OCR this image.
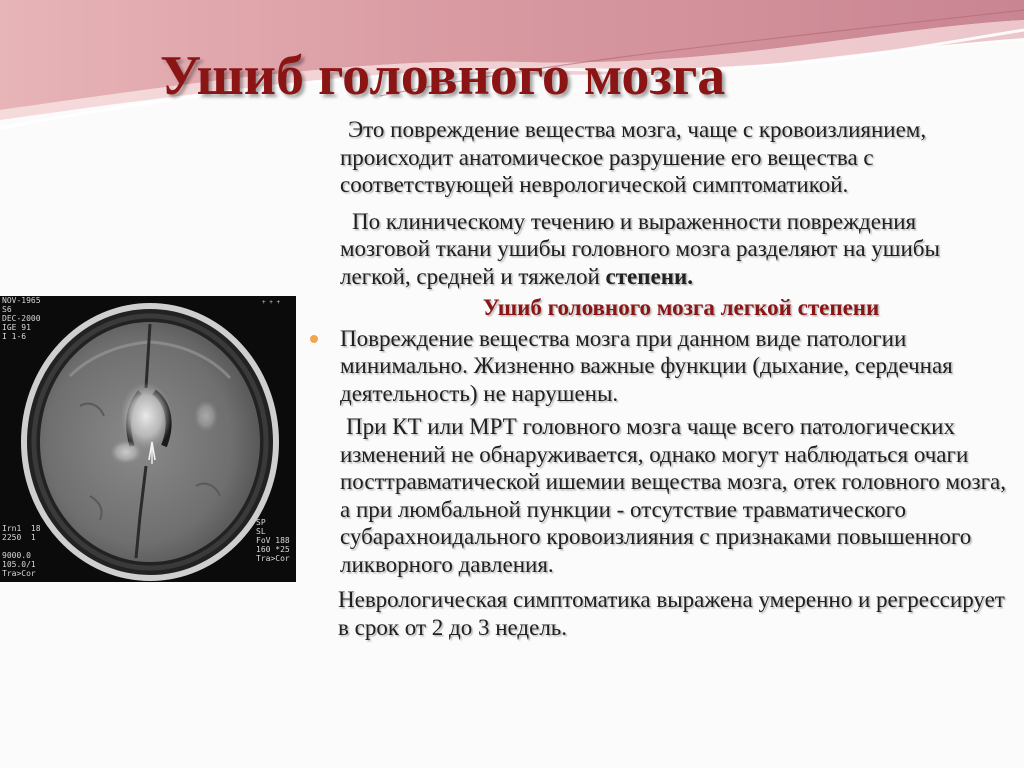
Ушиб головного мозга
+ + +
NOV-1965
S6
DEC-2000
IGE 91
I 1-6
Irn1  18
2250  1

9000.0
105.0/1
Tra>Cor
SP
SL
FoV 188
160 *25
Tra>Cor

Это повреждение вещества мозга, чаще с кровоизлиянием, происходит анатомическое разрушение его вещества с соответствующей неврологической симптоматикой.

По клиническому течению и выраженности повреждения мозговой ткани ушибы головного мозга разделяют на ушибы легкой, средней и тяжелой степени.

Ушиб головного мозга легкой степени
Повреждение вещества мозга при данном виде патологии минимально. Жизненно важные функции (дыхание, сердечная деятельность) не нарушены.

При КТ или МРТ головного мозга чаще всего патологических изменений не обнаруживается, однако могут наблюдаться очаги посттравматической ишемии вещества мозга, отек головного мозга, а при люмбальной пункции - отсутствие травматического субарахноидального кровоизлияния с признаками повышенного ликворного давления.

Неврологическая симптоматика выражена умеренно и регрессирует в срок от 2 до 3 недель.
